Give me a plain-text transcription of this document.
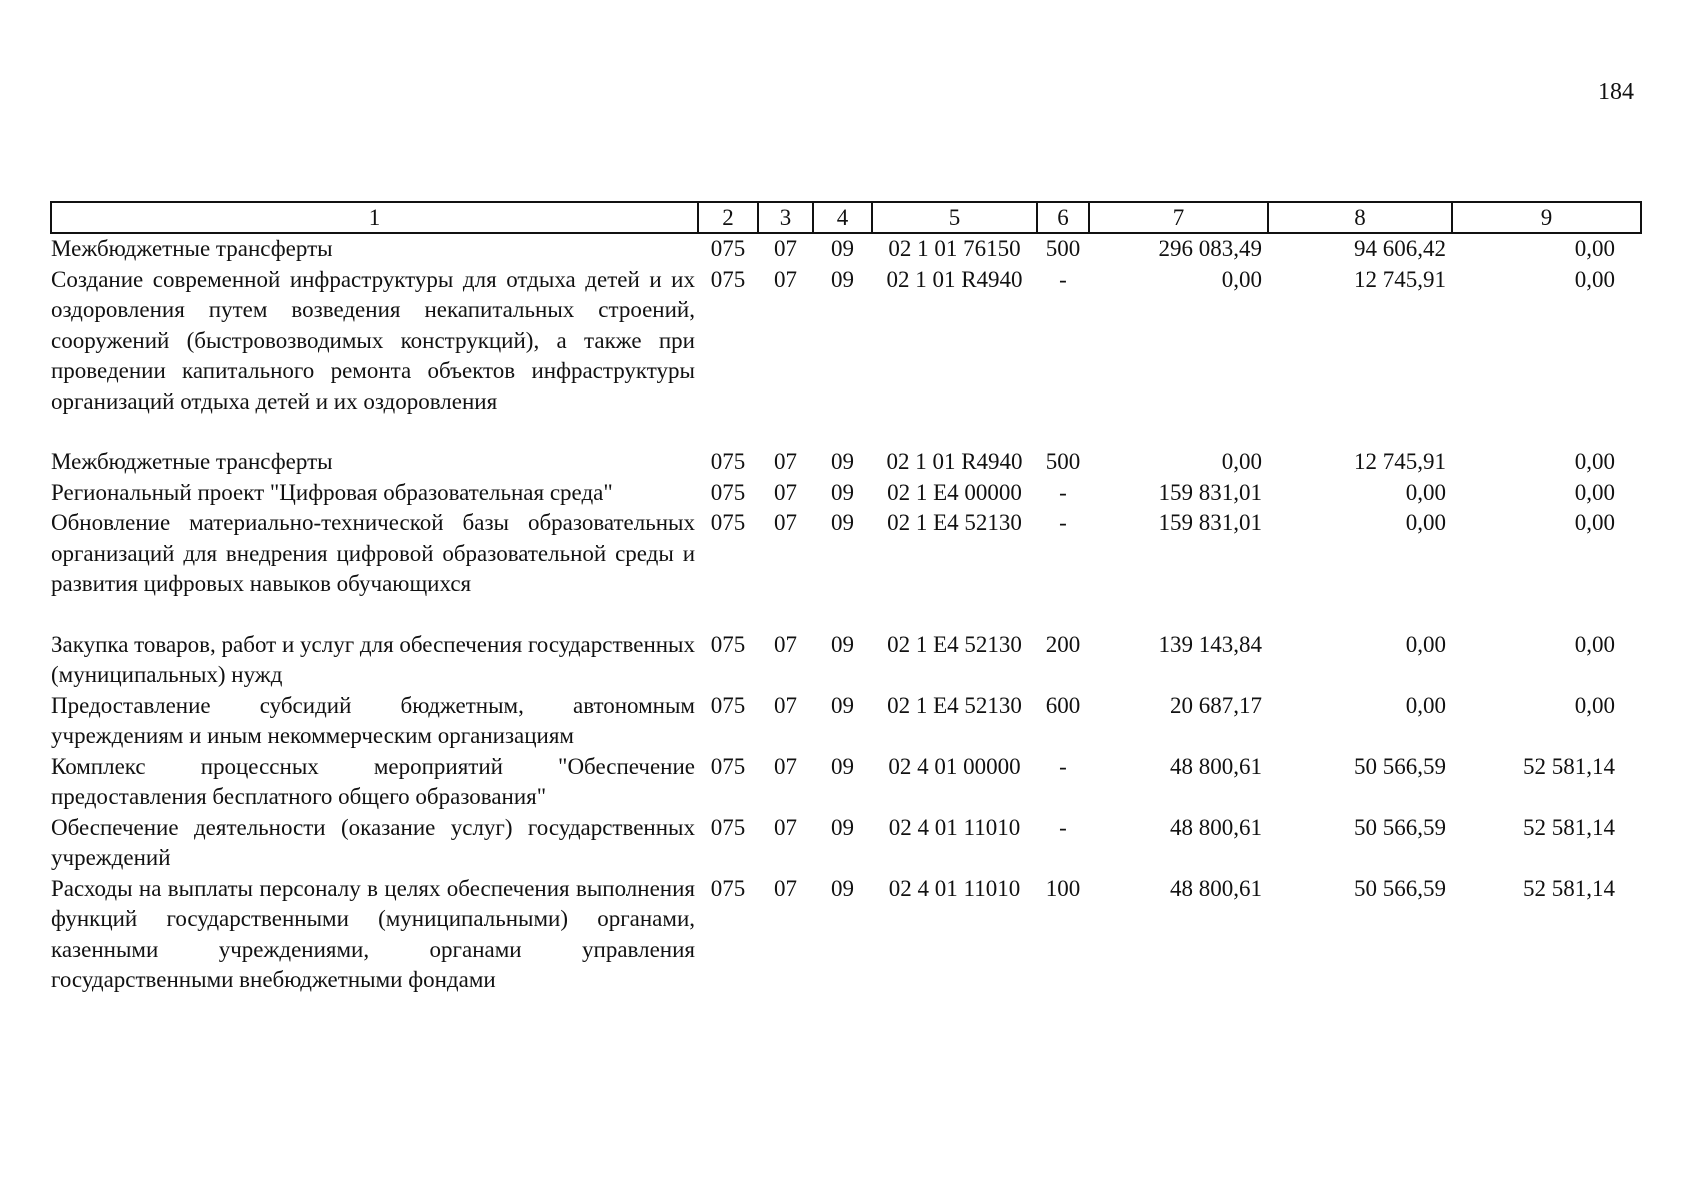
184
1	2	3	4	5	6	7	8	9
Межбюджетные трансферты	075	07	09	02 1 01 76150	500	296 083,49	94 606,42	0,00
Создание современной инфраструктуры для отдыха детей и их оздоровления путем возведения некапитальных строений, сооружений (быстровозводимых конструкций), а также при проведении капитального ремонта объектов инфраструктуры организаций отдыха детей и их оздоровления	075	07	09	02 1 01 R4940	-	0,00	12 745,91	0,00
Межбюджетные трансферты	075	07	09	02 1 01 R4940	500	0,00	12 745,91	0,00
Региональный проект "Цифровая образовательная среда"	075	07	09	02 1 E4 00000	-	159 831,01	0,00	0,00
Обновление материально-технической базы образовательных организаций для внедрения цифровой образовательной среды и развития цифровых навыков обучающихся	075	07	09	02 1 E4 52130	-	159 831,01	0,00	0,00
Закупка товаров, работ и услуг для обеспечения государственных (муниципальных) нужд	075	07	09	02 1 E4 52130	200	139 143,84	0,00	0,00
Предоставление субсидий бюджетным, автономным учреждениям и иным некоммерческим организациям	075	07	09	02 1 E4 52130	600	20 687,17	0,00	0,00
Комплекс процессных мероприятий "Обеспечение предоставления бесплатного общего образования"	075	07	09	02 4 01 00000	-	48 800,61	50 566,59	52 581,14
Обеспечение деятельности (оказание услуг) государственных учреждений	075	07	09	02 4 01 11010	-	48 800,61	50 566,59	52 581,14
Расходы на выплаты персоналу в целях обеспечения выполнения функций государственными (муниципальными) органами, казенными учреждениями, органами управления государственными внебюджетными фондами	075	07	09	02 4 01 11010	100	48 800,61	50 566,59	52 581,14
